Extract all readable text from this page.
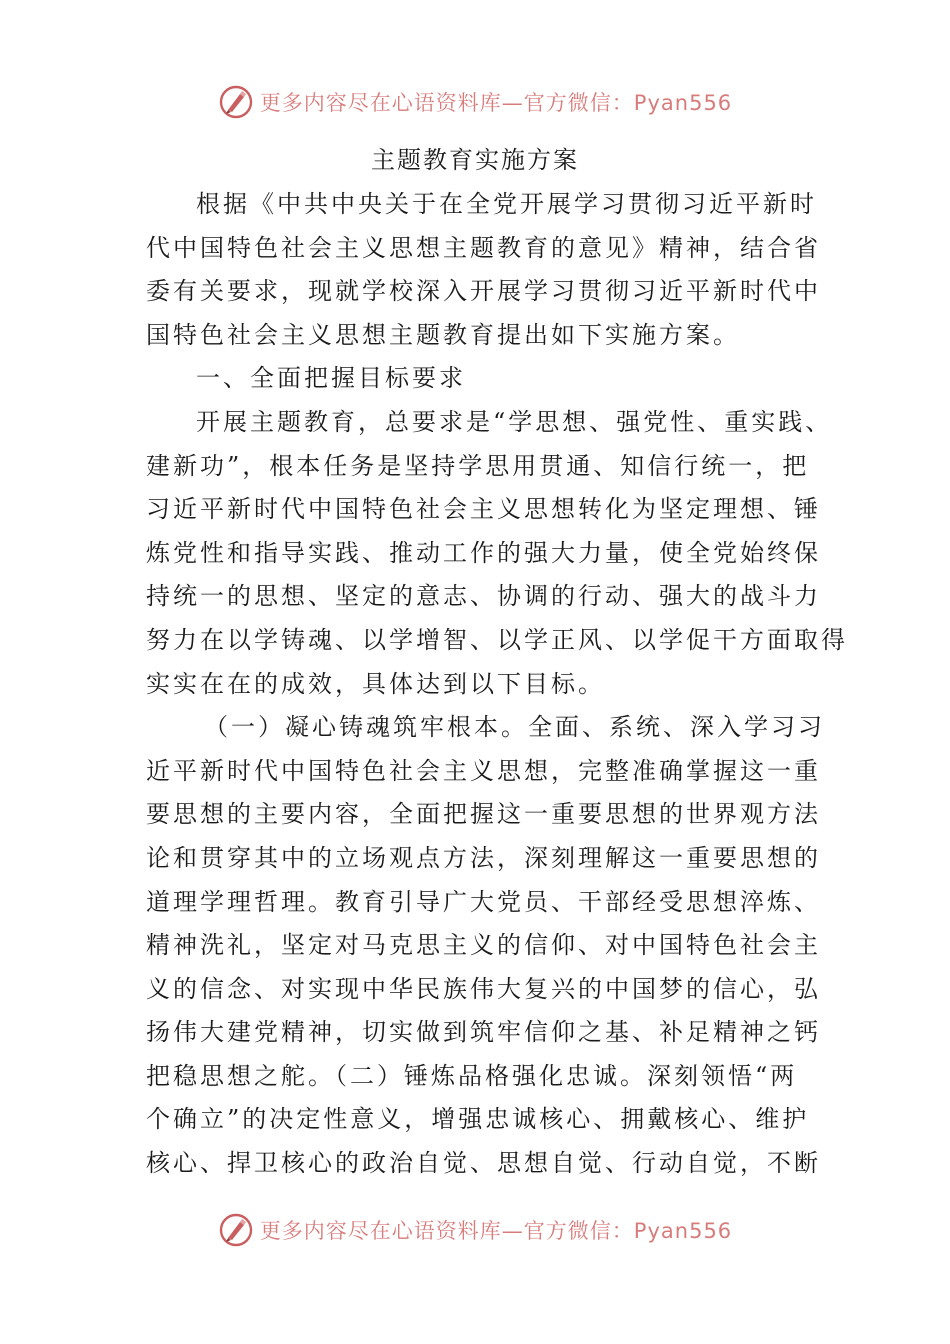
更多内容尽在心语资料库—官方微信：Pyan556
主题教育实施方案
根据《中共中央关于在全党开展学习贯彻习近平新时
代中国特色社会主义思想主题教育的意见》精神，结合省
委有关要求，现就学校深入开展学习贯彻习近平新时代中
国特色社会主义思想主题教育提出如下实施方案。
一、全面把握目标要求
开展主题教育，总要求是“学思想、强党性、重实践、
建新功”，根本任务是坚持学思用贯通、知信行统一，把
习近平新时代中国特色社会主义思想转化为坚定理想、锤
炼党性和指导实践、推动工作的强大力量，使全党始终保
持统一的思想、坚定的意志、协调的行动、强大的战斗力
努力在以学铸魂、以学增智、以学正风、以学促干方面取得
实实在在的成效，具体达到以下目标。
（一）凝心铸魂筑牢根本。全面、系统、深入学习习
近平新时代中国特色社会主义思想，完整准确掌握这一重
要思想的主要内容，全面把握这一重要思想的世界观方法
论和贯穿其中的立场观点方法，深刻理解这一重要思想的
道理学理哲理。教育引导广大党员、干部经受思想淬炼、
精神洗礼，坚定对马克思主义的信仰、对中国特色社会主
义的信念、对实现中华民族伟大复兴的中国梦的信心，弘
扬伟大建党精神，切实做到筑牢信仰之基、补足精神之钙
把稳思想之舵。（二）锤炼品格强化忠诚。深刻领悟“两
个确立”的决定性意义，增强忠诚核心、拥戴核心、维护
核心、捍卫核心的政治自觉、思想自觉、行动自觉，不断
更多内容尽在心语资料库—官方微信：Pyan556
